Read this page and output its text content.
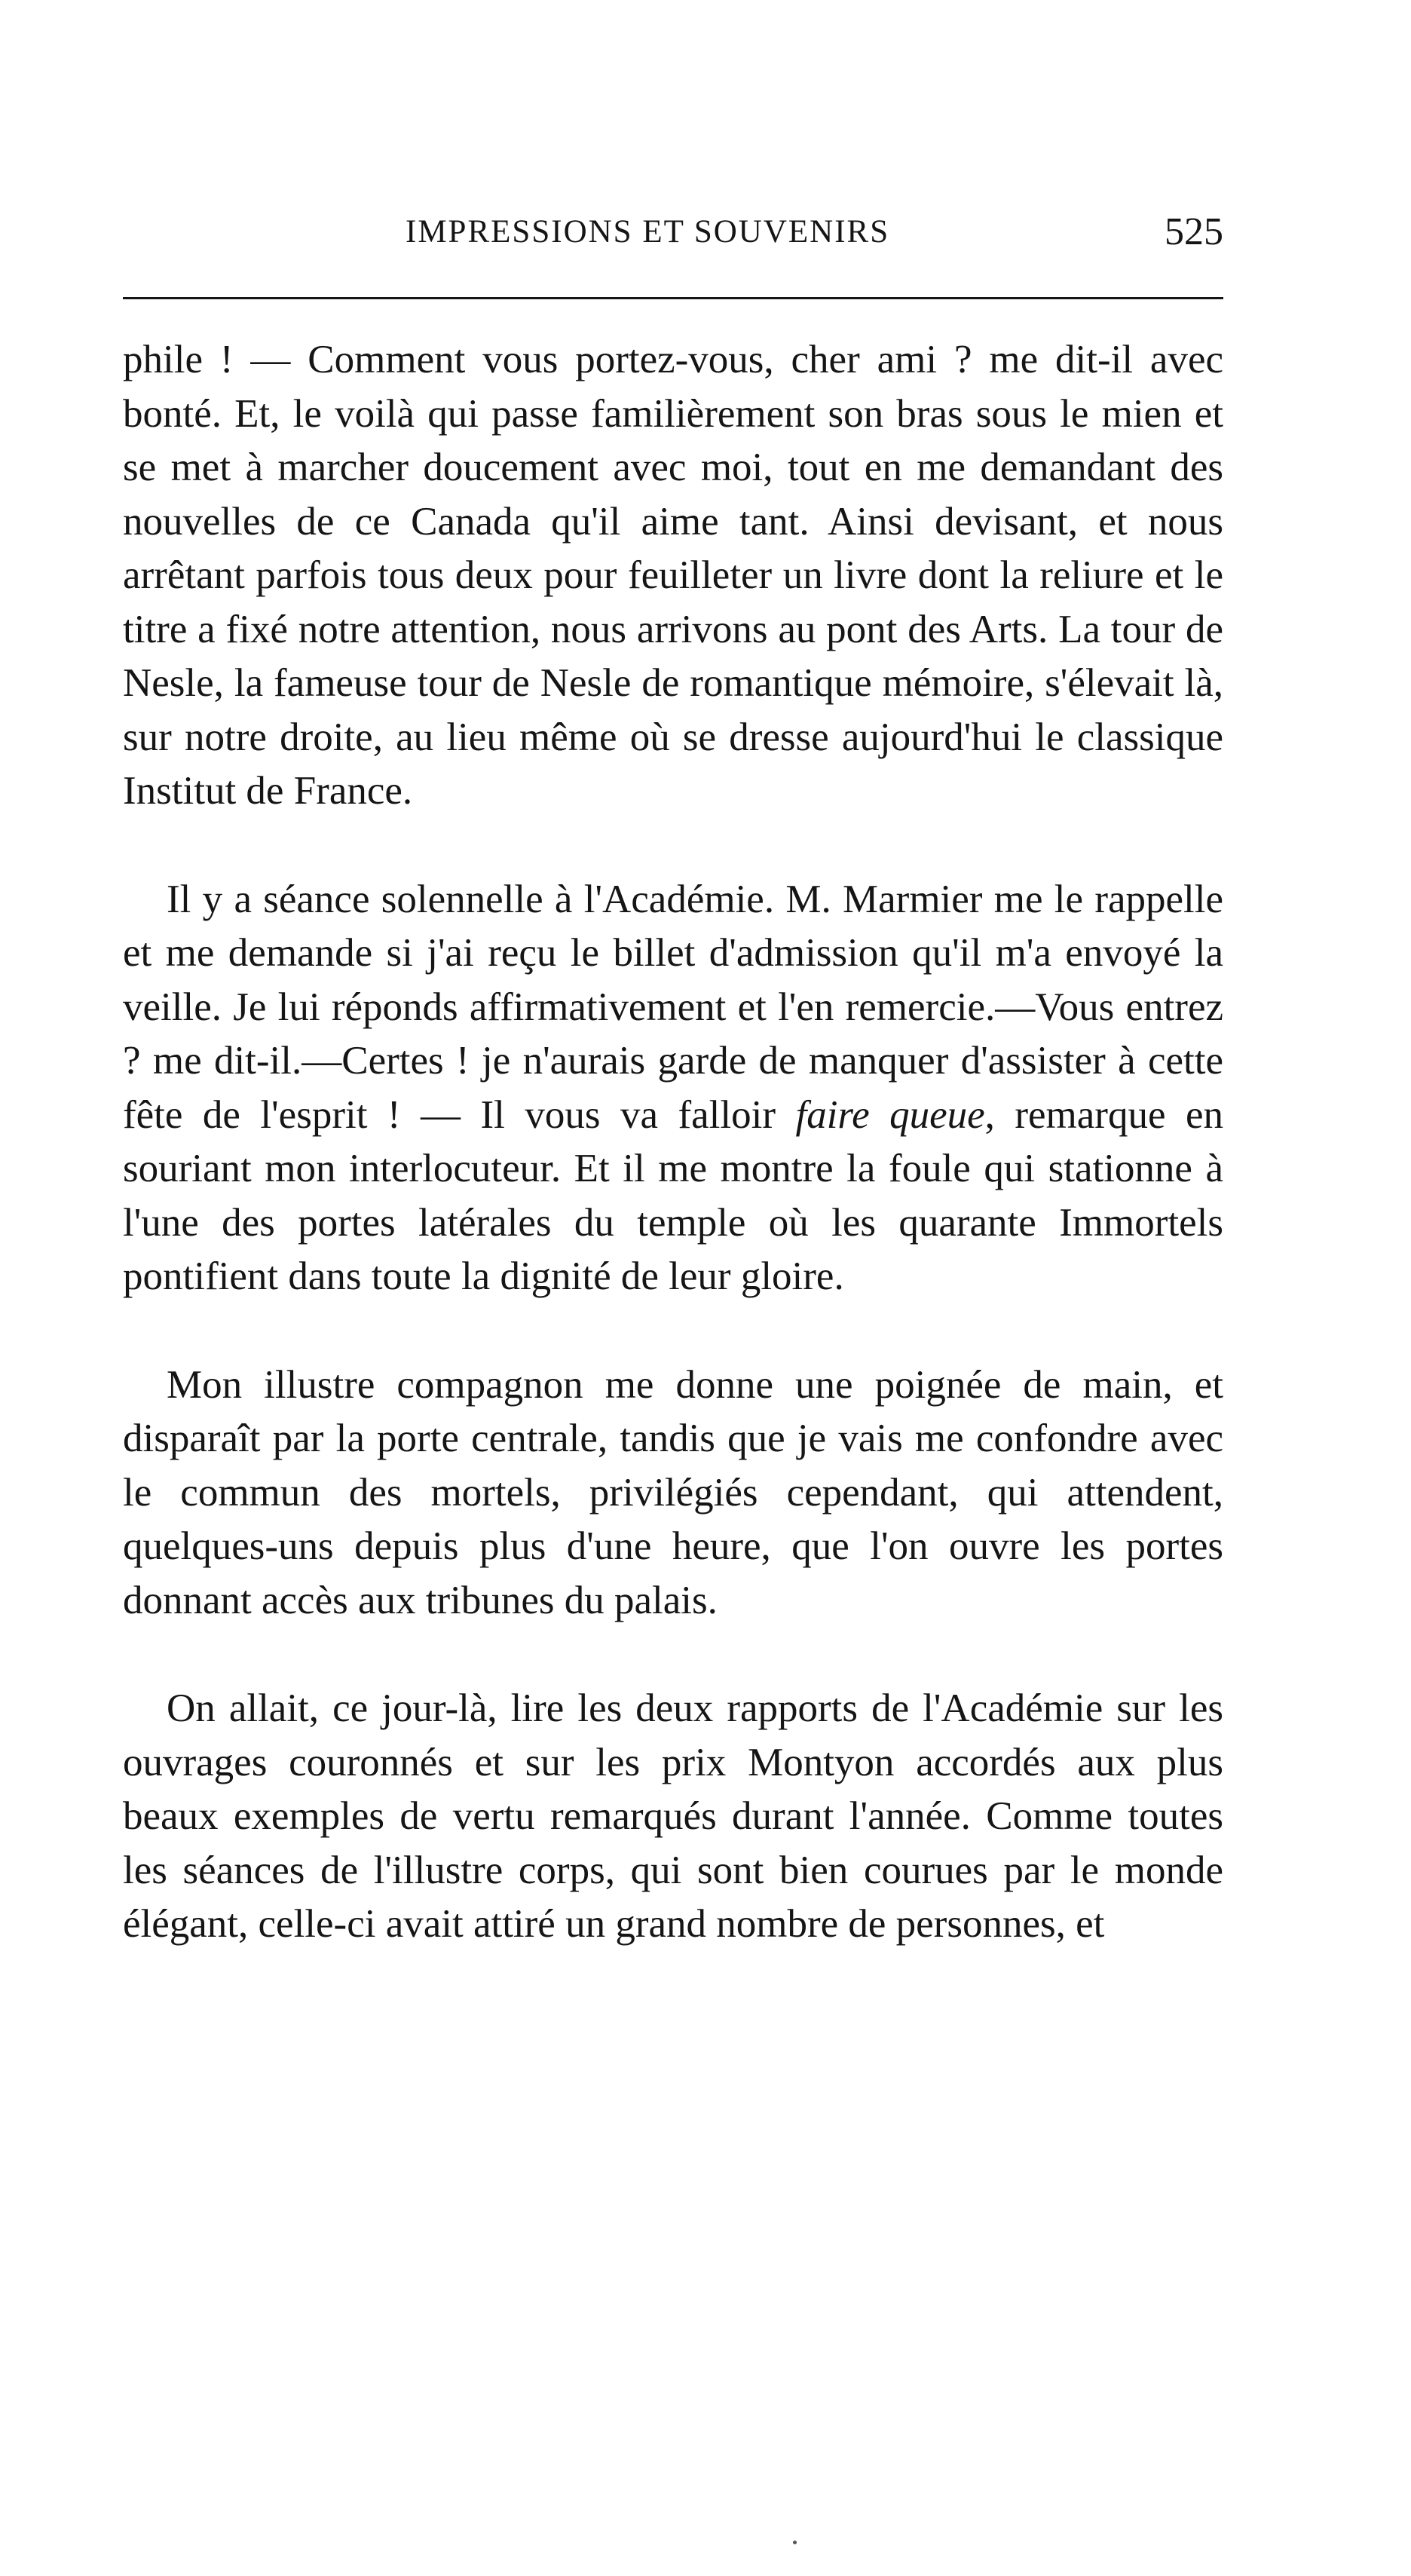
IMPRESSIONS ET SOUVENIRS	525

phile ! — Comment vous portez-vous, cher ami ? me dit-il avec bonté. Et, le voilà qui passe familièrement son bras sous le mien et se met à marcher doucement avec moi, tout en me demandant des nouvelles de ce Canada qu'il aime tant. Ainsi devisant, et nous arrêtant parfois tous deux pour feuilleter un livre dont la reliure et le titre a fixé notre attention, nous arrivons au pont des Arts. La tour de Nesle, la fameuse tour de Nesle de romantique mémoire, s'élevait là, sur notre droite, au lieu même où se dresse aujourd'hui le classique Institut de France.

Il y a séance solennelle à l'Académie. M. Marmier me le rappelle et me demande si j'ai reçu le billet d'admission qu'il m'a envoyé la veille. Je lui réponds affirmativement et l'en remercie.—Vous entrez ? me dit-il.—Certes ! je n'aurais garde de manquer d'assister à cette fête de l'esprit ! — Il vous va falloir faire queue, remarque en souriant mon interlocuteur. Et il me montre la foule qui stationne à l'une des portes latérales du temple où les quarante Immortels pontifient dans toute la dignité de leur gloire.

Mon illustre compagnon me donne une poignée de main, et disparaît par la porte centrale, tandis que je vais me confondre avec le commun des mortels, privilégiés cependant, qui attendent, quelques-uns depuis plus d'une heure, que l'on ouvre les portes donnant accès aux tribunes du palais.

On allait, ce jour-là, lire les deux rapports de l'Académie sur les ouvrages couronnés et sur les prix Montyon accordés aux plus beaux exemples de vertu remarqués durant l'année. Comme toutes les séances de l'illustre corps, qui sont bien courues par le monde élégant, celle-ci avait attiré un grand nombre de personnes, et
